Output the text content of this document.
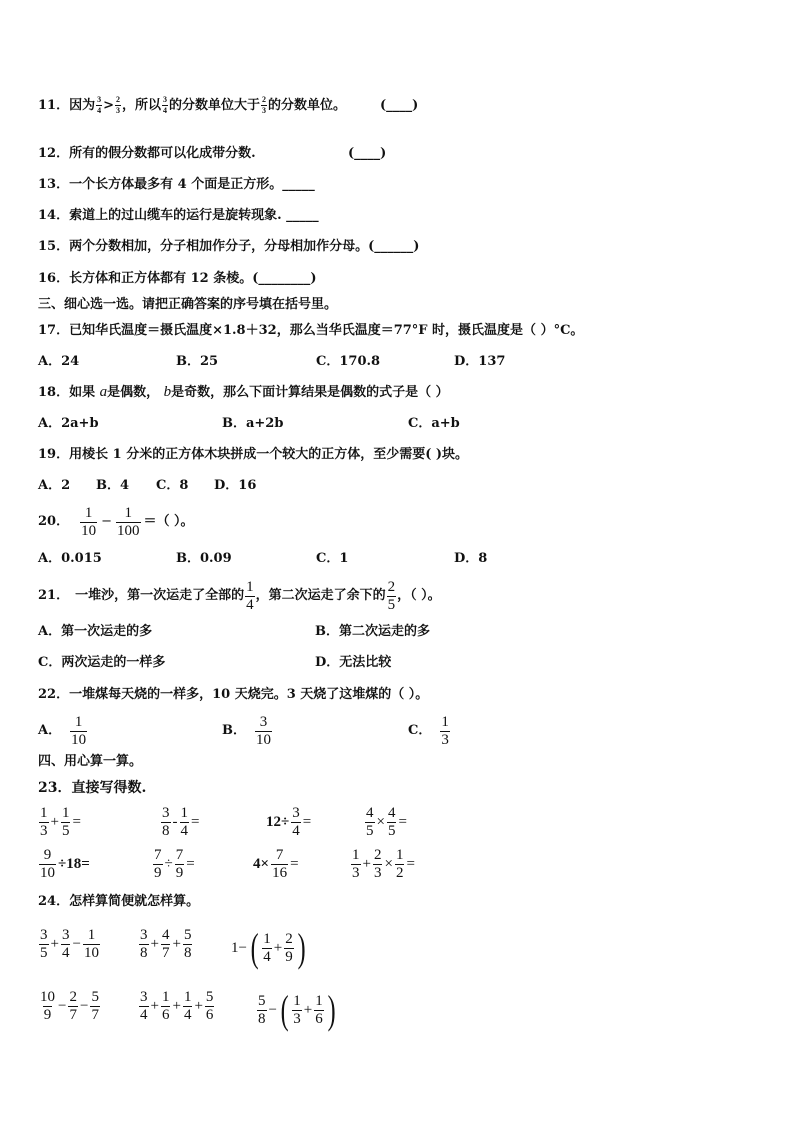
11．因为 $\frac{3}{4} > \frac{2}{3}$ ，所以 $\frac{3}{4}$ 的分数单位大于 $\frac{2}{3}$ 的分数单位。	(____)
12．所有的假分数都可以化成带分数.	(____)
13．一个长方体最多有 4 个面是正方形。_____
14．索道上的过山缆车的运行是旋转现象. _____
15．两个分数相加，分子相加作分子，分母相加作分母。(______)
16．长方体和正方体都有 12 条棱。(________)
三、细心选一选。请把正确答案的序号填在括号里。
17．已知华氏温度＝摄氏温度×1.8＋32，那么当华氏温度＝77°F 时，摄氏温度是（ ）°C。
A．24	B．25	C．170.8	D．137
18．如果 a是偶数， b是奇数，那么下面计算结果是偶数的式子是（ ）
A．2a+b	B．a+2b	C．a+b
19．用棱长 1 分米的正方体木块拼成一个较大的正方体，至少需要( )块。
A．2 B．4 C．8 D．16
20． $\frac{1}{10} - \frac{1}{100}$ ＝（ ）。
A．0.015	B．0.09	C．1	D．8
21． 一堆沙，第一次运走了全部的 $\frac{1}{4}$ ，第二次运走了余下的 $\frac{2}{5}$ ，（ ）。
A．第一次运走的多	B．第二次运走的多
C．两次运走的一样多	D．无法比较
22．一堆煤每天烧的一样多，10 天烧完。3 天烧了这堆煤的（ ）。
A． $\frac{1}{10}$	B． $\frac{3}{10}$	C． $\frac{1}{3}$
四、用心算一算。
23．直接写得数.
$\frac{1}{3} + \frac{1}{5}$ =	$\frac{3}{8} - \frac{1}{4}$ =	$12\div \frac{3}{4}$ =	$\frac{4}{5} \times \frac{4}{5}$ =
$\frac{9}{10} \div 18=$	$\frac{7}{9} \div \frac{7}{9}$ =	$4\times \frac{7}{16}$ =	$\frac{1}{3} + \frac{2}{3} \times \frac{1}{2}$ =
24．怎样算简便就怎样算。
$\frac{3}{5} + \frac{3}{4} - \frac{1}{10}$	$\frac{3}{8} + \frac{4}{7} + \frac{5}{8}$	1− ( $\frac{1}{4} + \frac{2}{9}$ )
$\frac{10}{9} - \frac{2}{7} - \frac{5}{7}$	$\frac{3}{4} + \frac{1}{6} + \frac{1}{4} + \frac{5}{6}$	$\frac{5}{8}$ − ( $\frac{1}{3} + \frac{1}{6}$ )
